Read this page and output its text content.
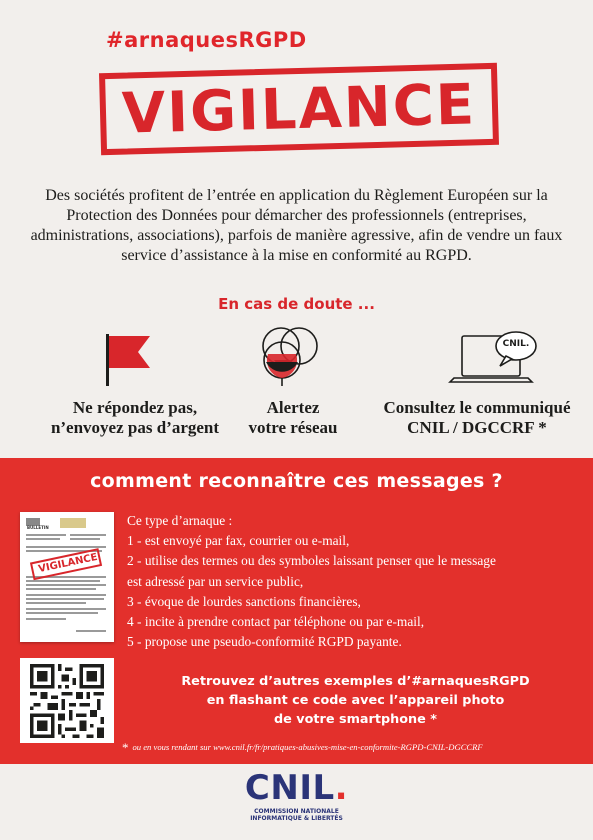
#arnaquesRGPD
VIGILANCE
Des sociétés profitent de l’entrée en application du Règlement Européen sur la Protection des Données pour démarcher des professionnels (entreprises, administrations, associations), parfois de manière agressive, afin de vendre un faux service d’assistance à la mise en conformité au RGPD.
En cas de doute ...
CNIL.
Ne répondez pas,
n’envoyez pas d’argent
Alertez
votre réseau
Consultez le communiqué
CNIL / DGCCRF *
comment reconnaître ces messages ?
BULLETIN
VIGILANCE
Ce type d’arnaque :
1 - est envoyé par fax, courrier ou e-mail,
2 - utilise des termes ou des symboles laissant penser que le message
est adressé par un service public,
3 - évoque de lourdes sanctions financières,
4 - incite à prendre contact par téléphone ou par e-mail,
5 - propose une pseudo-conformité RGPD payante.
Retrouvez d’autres exemples d’#arnaquesRGPD
en flashant ce code avec l’appareil photo
de votre smartphone *
* ou en vous rendant sur www.cnil.fr/fr/pratiques-abusives-mise-en-conformite-RGPD-CNIL-DGCCRF
CNIL.
COMMISSION NATIONALE
INFORMATIQUE & LIBERTÉS
